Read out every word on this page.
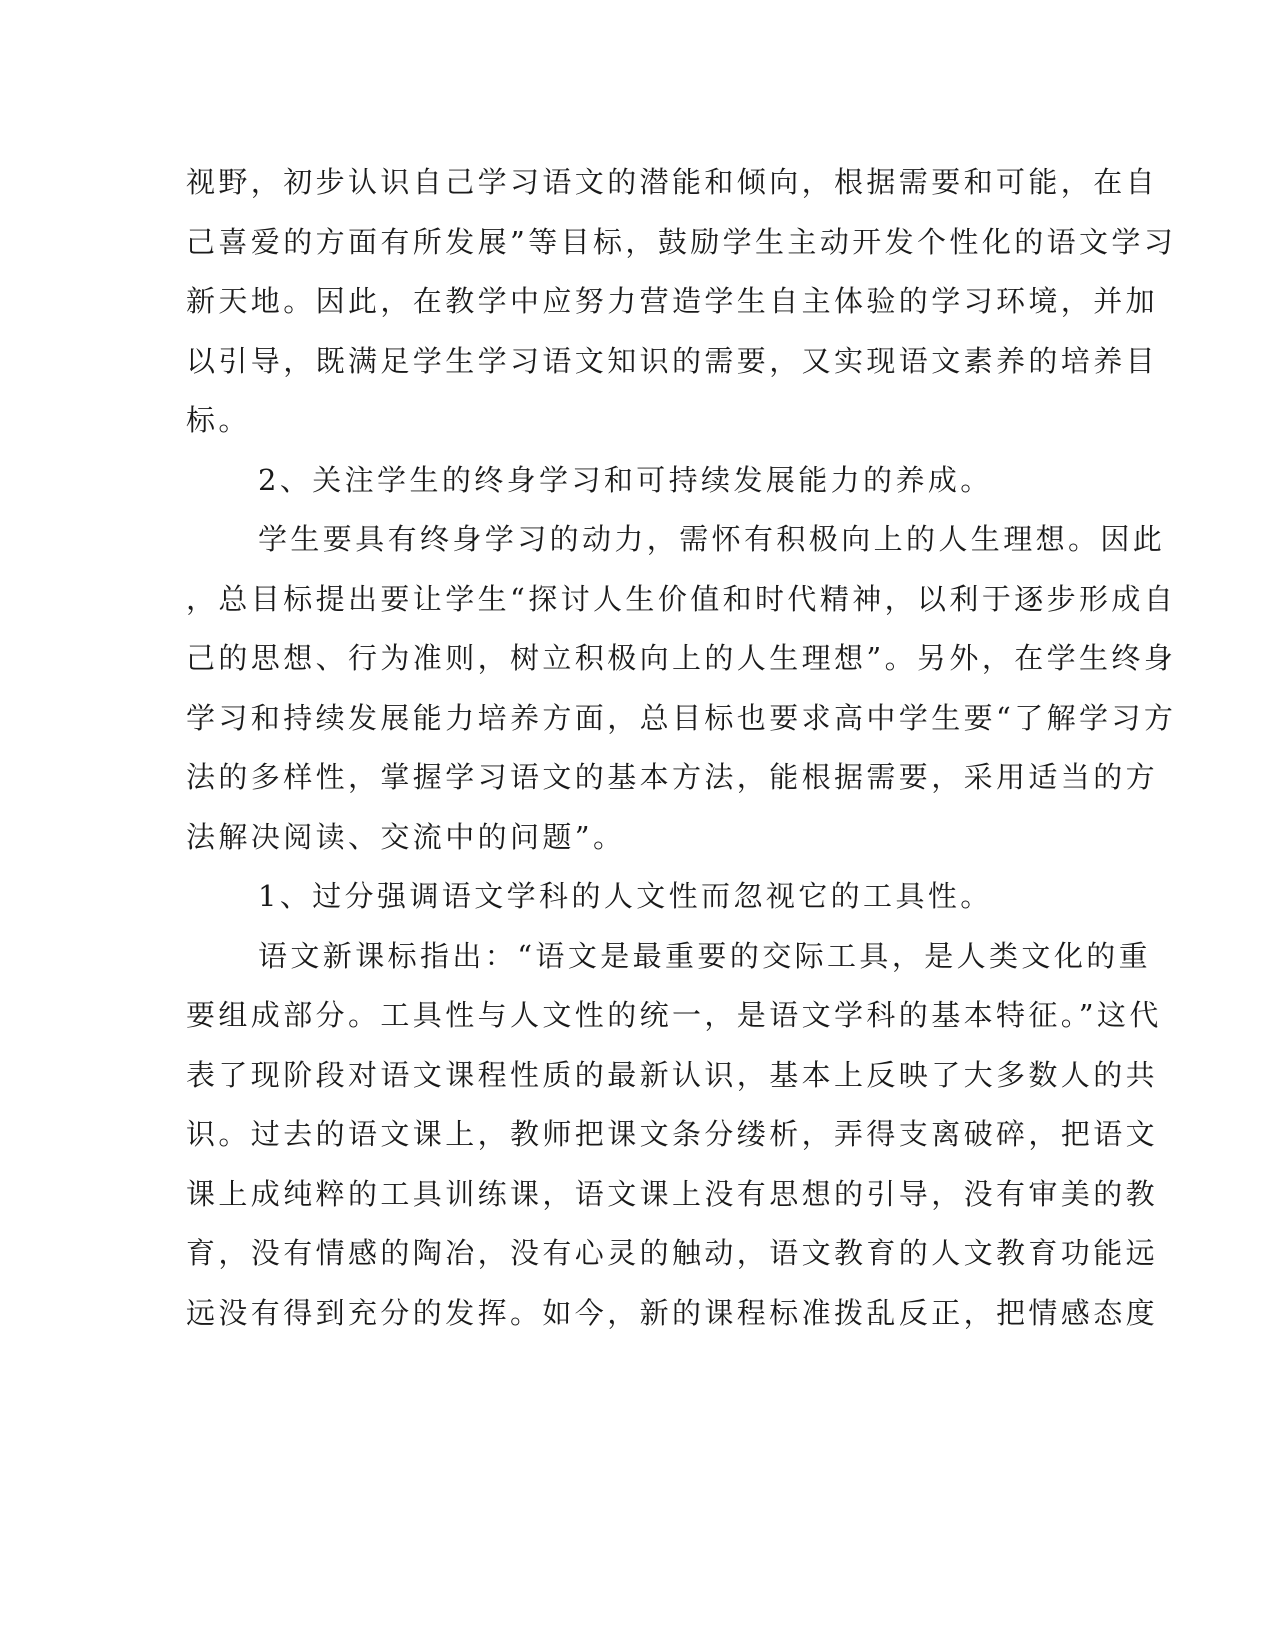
视野，初步认识自己学习语文的潜能和倾向，根据需要和可能，在自
己喜爱的方面有所发展”等目标，鼓励学生主动开发个性化的语文学习
新天地。因此，在教学中应努力营造学生自主体验的学习环境，并加
以引导，既满足学生学习语文知识的需要，又实现语文素养的培养目
标。
2、关注学生的终身学习和可持续发展能力的养成。
学生要具有终身学习的动力，需怀有积极向上的人生理想。因此
，总目标提出要让学生“探讨人生价值和时代精神，以利于逐步形成自
己的思想、行为准则，树立积极向上的人生理想”。另外，在学生终身
学习和持续发展能力培养方面，总目标也要求高中学生要“了解学习方
法的多样性，掌握学习语文的基本方法，能根据需要，采用适当的方
法解决阅读、交流中的问题”。
1、过分强调语文学科的人文性而忽视它的工具性。
语文新课标指出：“语文是最重要的交际工具，是人类文化的重
要组成部分。工具性与人文性的统一，是语文学科的基本特征。”这代
表了现阶段对语文课程性质的最新认识，基本上反映了大多数人的共
识。过去的语文课上，教师把课文条分缕析，弄得支离破碎，把语文
课上成纯粹的工具训练课，语文课上没有思想的引导，没有审美的教
育，没有情感的陶冶，没有心灵的触动，语文教育的人文教育功能远
远没有得到充分的发挥。如今，新的课程标准拨乱反正，把情感态度
